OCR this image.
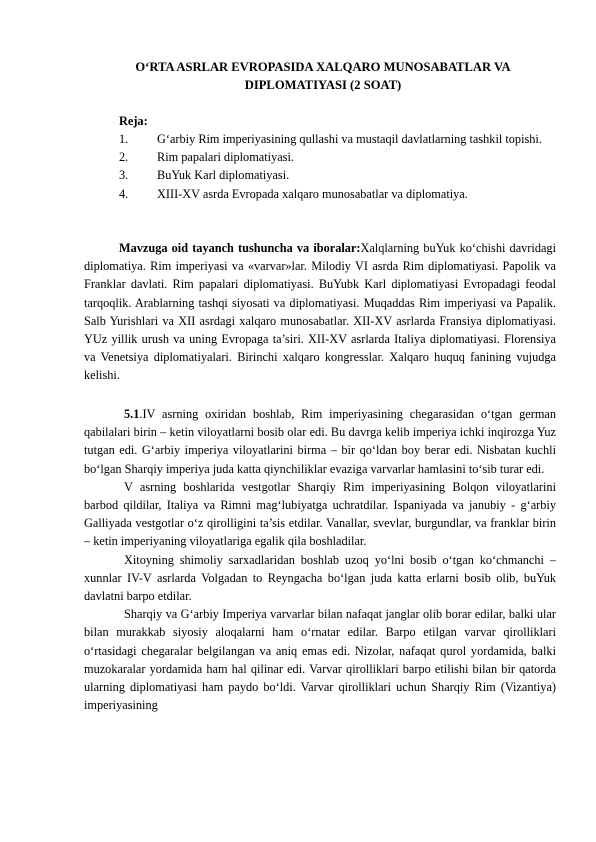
O‘RTA ASRLAR EVROPASIDA XALQARO MUNOSABATLAR VA
DIPLOMATIYASI (2 SOAT)
Reja:
1.	G‘arbiy Rim imperiyasining qullashi va mustaqil davlatlarning tashkil topishi.
2.	Rim papalari diplomatiyasi.
3.	BuYuk Karl diplomatiyasi.
4.	XIII-XV asrda Evropada xalqaro munosabatlar va diplomatiya.

Mavzuga oid tayanch tushuncha va iboralar:Xalqlarning buYuk ko‘chishi davridagi diplomatiya. Rim imperiyasi va «varvar»lar. Milodiy VI asrda Rim diplomatiyasi. Papolik va Franklar davlati. Rim papalari diplomatiyasi. BuYubk Karl diplomatiyasi Evropadagi feodal tarqoqlik. Arablarning tashqi siyosati va diplomatiyasi. Muqaddas Rim imperiyasi va Papalik. Salb Yurishlari va XII asrdagi xalqaro munosabatlar. XII-XV asrlarda Fransiya diplomatiyasi. YUz yillik urush va uning Evropaga ta’siri. XII-XV asrlarda Italiya diplomatiyasi. Florensiya va Venetsiya diplomatiyalari. Birinchi xalqaro kongresslar. Xalqaro huquq fanining vujudga kelishi.

5.1.IV asrning oxiridan boshlab, Rim imperiyasining chegarasidan o‘tgan german qabilalari birin – ketin viloyatlarni bosib olar edi. Bu davrga kelib imperiya ichki inqirozga Yuz tutgan edi. G‘arbiy imperiya viloyatlarini birma – bir qo‘ldan boy berar edi. Nisbatan kuchli bo‘lgan Sharqiy imperiya juda katta qiynchiliklar evaziga varvarlar hamlasini to‘sib turar edi.

V asrning boshlarida vestgotlar Sharqiy Rim imperiyasining Bolqon viloyatlarini barbod qildilar, Italiya va Rimni mag‘lubiyatga uchratdilar. Ispaniyada va janubiy - g‘arbiy Galliyada vestgotlar o‘z qirolligini ta’sis etdilar. Vanallar, svevlar, burgundlar, va franklar birin – ketin imperiyaning viloyatlariga egalik qila boshladilar.

Xitoyning shimoliy sarxadlaridan boshlab uzoq yo‘lni bosib o‘tgan ko‘chmanchi – xunnlar IV-V asrlarda Volgadan to Reyngacha bo‘lgan juda katta erlarni bosib olib, buYuk davlatni barpo etdilar.

Sharqiy va G‘arbiy Imperiya varvarlar bilan nafaqat janglar olib borar edilar, balki ular bilan murakkab siyosiy aloqalarni ham o‘rnatar edilar. Barpo etilgan varvar qirolliklari o‘rtasidagi chegaralar belgilangan va aniq emas edi. Nizolar, nafaqat qurol yordamida, balki muzokaralar yordamida ham hal qilinar edi. Varvar qirolliklari barpo etilishi bilan bir qatorda ularning diplomatiyasi ham paydo bo‘ldi. Varvar qirolliklari uchun Sharqiy Rim (Vizantiya) imperiyasining
